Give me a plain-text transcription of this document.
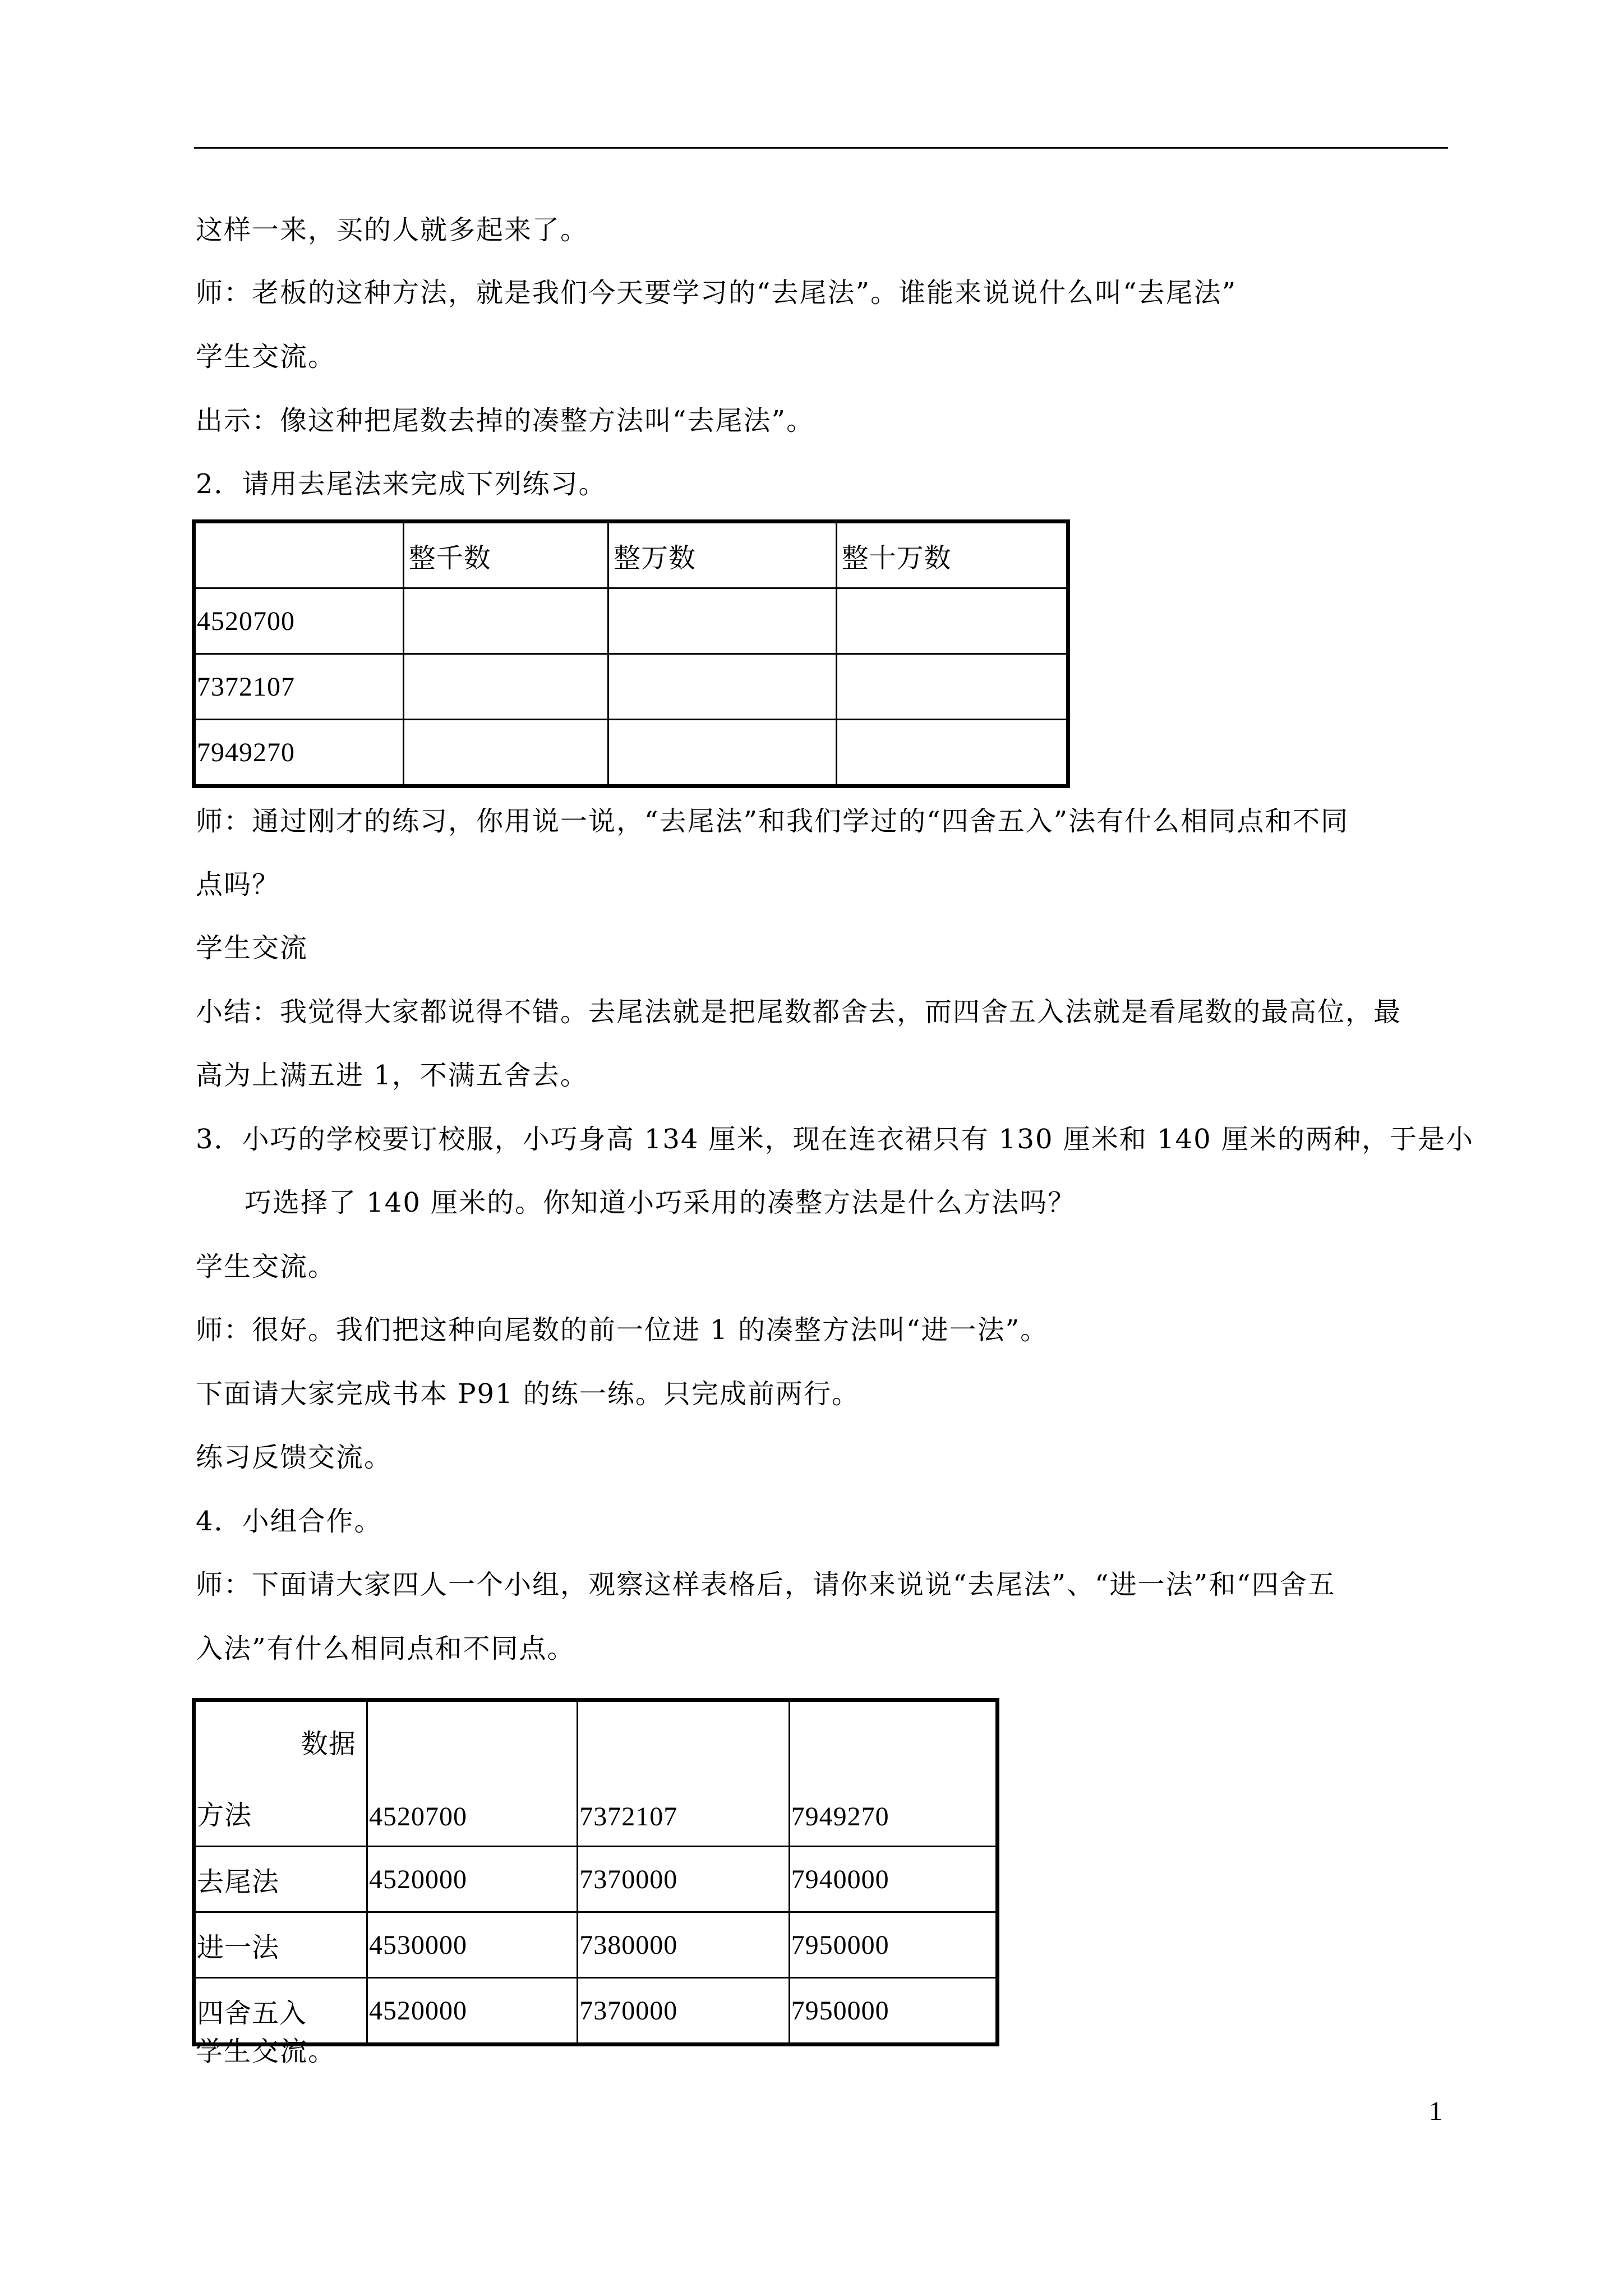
这样一来，买的人就多起来了。
师：老板的这种方法，就是我们今天要学习的“去尾法”。谁能来说说什么叫“去尾法”
学生交流。
出示：像这种把尾数去掉的凑整方法叫“去尾法”。
2．请用去尾法来完成下列练习。
	整千数	整万数	整十万数
4520700			
7372107			
7949270			
师：通过刚才的练习，你用说一说，“去尾法”和我们学过的“四舍五入”法有什么相同点和不同
点吗？
学生交流
小结：我觉得大家都说得不错。去尾法就是把尾数都舍去，而四舍五入法就是看尾数的最高位，最
高为上满五进 1，不满五舍去。
3．小巧的学校要订校服，小巧身高 134 厘米，现在连衣裙只有 130 厘米和 140 厘米的两种，于是小
巧选择了 140 厘米的。你知道小巧采用的凑整方法是什么方法吗？
学生交流。
师：很好。我们把这种向尾数的前一位进 1 的凑整方法叫“进一法”。
下面请大家完成书本 P91 的练一练。只完成前两行。
练习反馈交流。
4．小组合作。
师：下面请大家四人一个小组，观察这样表格后，请你来说说“去尾法”、“进一法”和“四舍五
入法”有什么相同点和不同点。
数据
方法	4520700	7372107	7949270
去尾法	4520000	7370000	7940000
进一法	4530000	7380000	7950000
四舍五入	4520000	7370000	7950000
学生交流。
1
